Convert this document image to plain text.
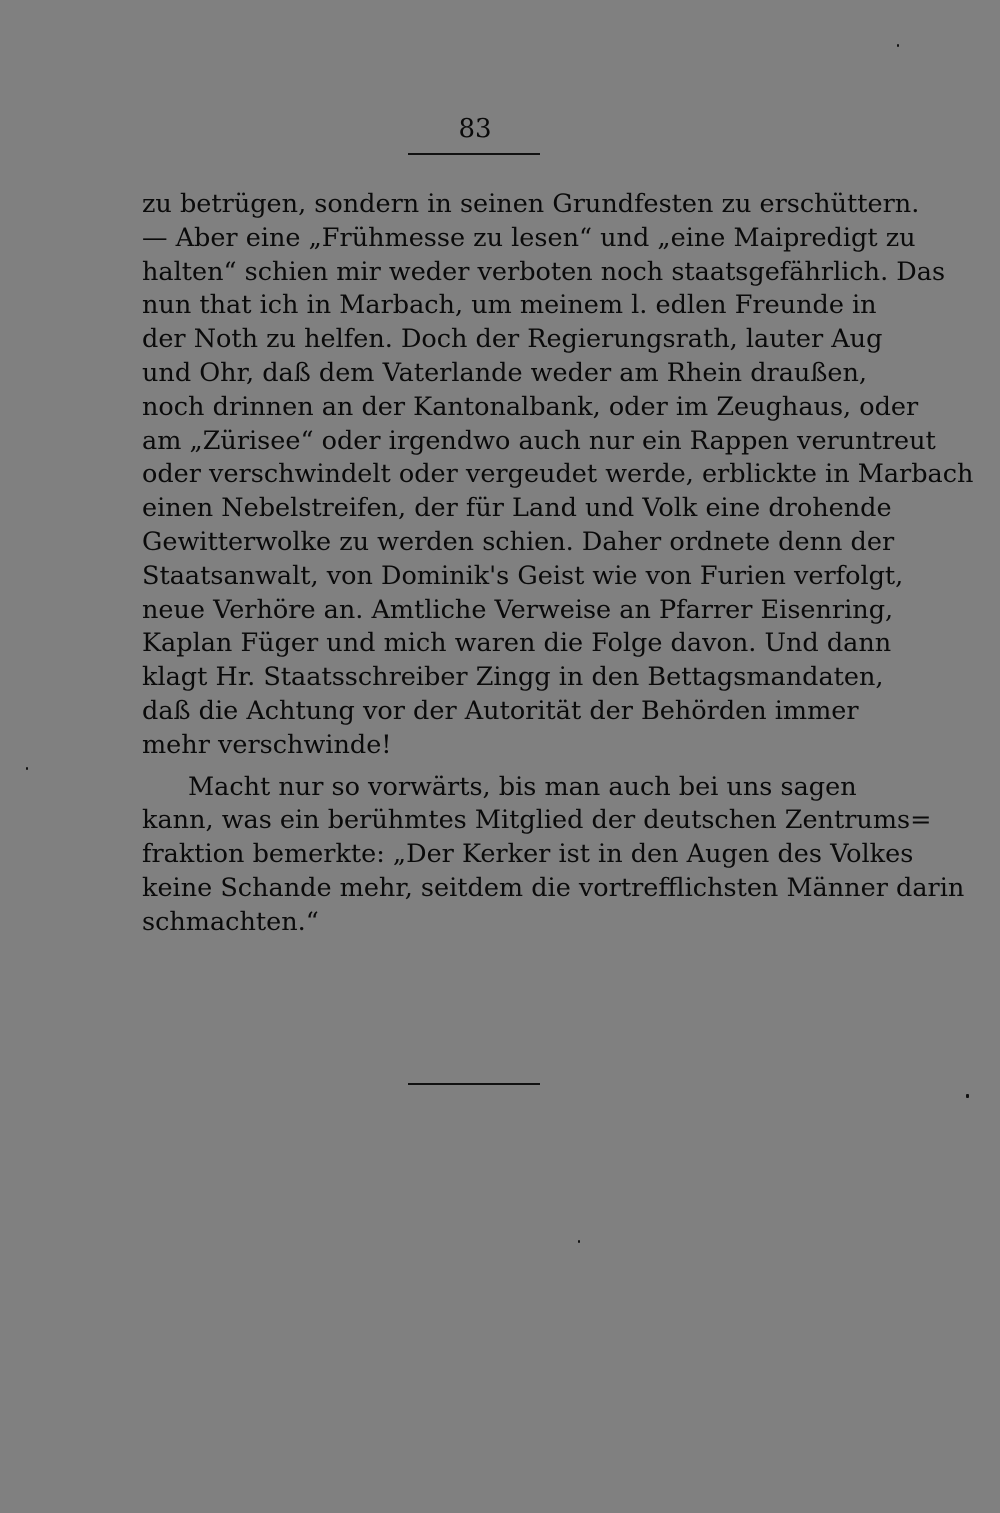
83
zu betrügen, sondern in seinen Grundfesten zu erschüttern.
— Aber eine „Frühmesse zu lesen“ und „eine Maipredigt zu
halten“ schien mir weder verboten noch staatsgefährlich. Das
nun that ich in Marbach, um meinem l. edlen Freunde in
der Noth zu helfen. Doch der Regierungsrath, lauter Aug
und Ohr, daß dem Vaterlande weder am Rhein draußen,
noch drinnen an der Kantonalbank, oder im Zeughaus, oder
am „Zürisee“ oder irgendwo auch nur ein Rappen veruntreut
oder verschwindelt oder vergeudet werde, erblickte in Marbach
einen Nebelstreifen, der für Land und Volk eine drohende
Gewitterwolke zu werden schien. Daher ordnete denn der
Staatsanwalt, von Dominik's Geist wie von Furien verfolgt,
neue Verhöre an. Amtliche Verweise an Pfarrer Eisenring,
Kaplan Füger und mich waren die Folge davon. Und dann
klagt Hr. Staatsschreiber Zingg in den Bettagsmandaten,
daß die Achtung vor der Autorität der Behörden immer
mehr verschwinde!
Macht nur so vorwärts, bis man auch bei uns sagen
kann, was ein berühmtes Mitglied der deutschen Zentrums=
fraktion bemerkte: „Der Kerker ist in den Augen des Volkes
keine Schande mehr, seitdem die vortrefflichsten Männer darin
schmachten.“
